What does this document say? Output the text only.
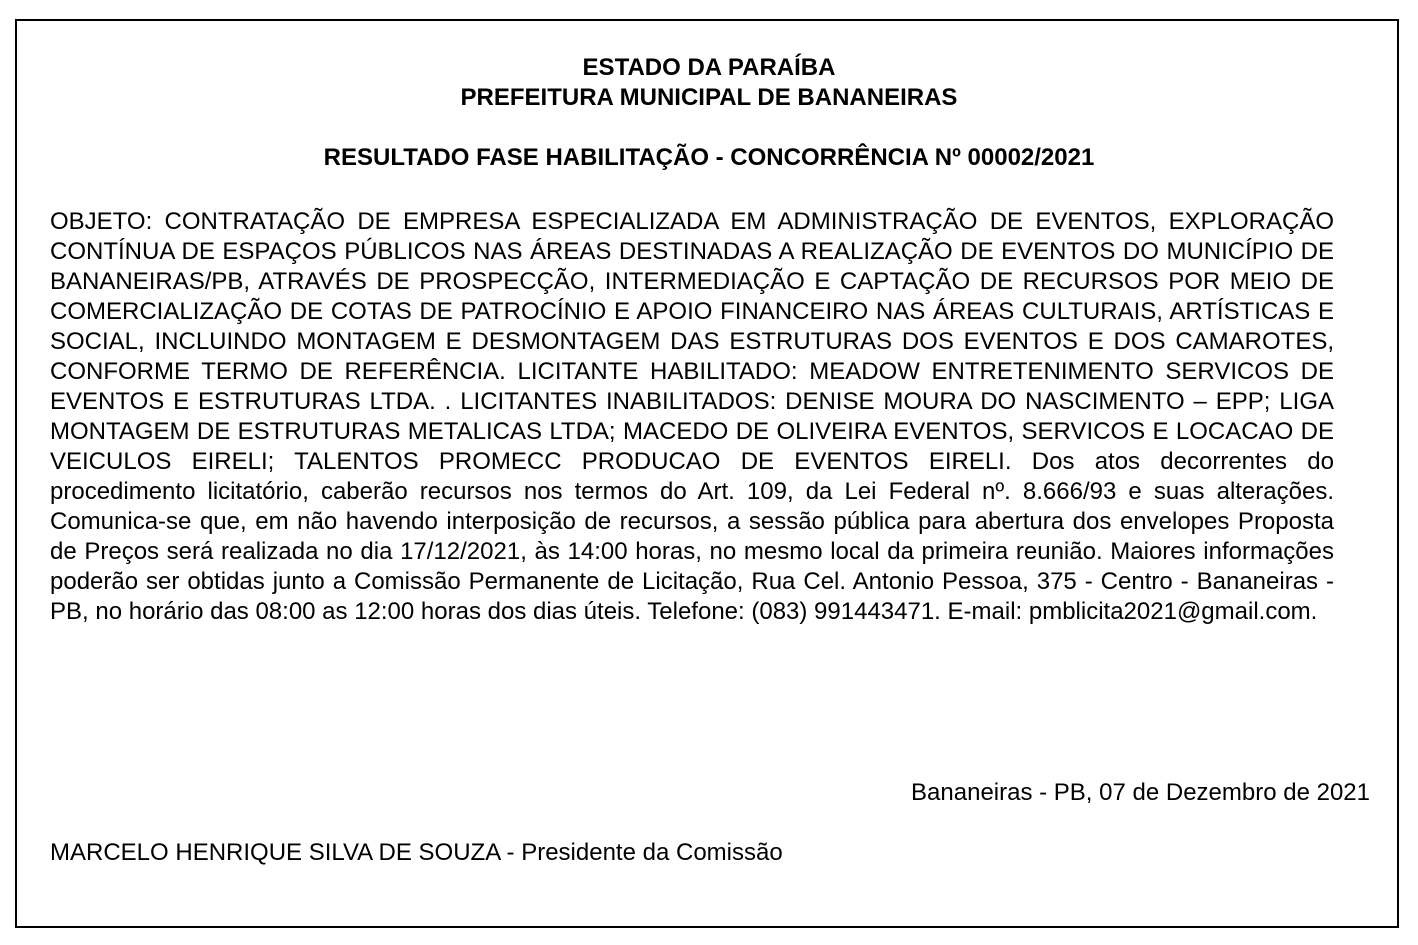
ESTADO DA PARAÍBA
PREFEITURA MUNICIPAL DE BANANEIRAS
RESULTADO FASE HABILITAÇÃO - CONCORRÊNCIA Nº 00002/2021

OBJETO: CONTRATAÇÃO DE EMPRESA ESPECIALIZADA EM ADMINISTRAÇÃO DE EVENTOS, EXPLORAÇÃO CONTÍNUA DE ESPAÇOS PÚBLICOS NAS ÁREAS DESTINADAS A REALIZAÇÃO DE EVENTOS DO MUNICÍPIO DE BANANEIRAS/PB, ATRAVÉS DE PROSPECÇÃO, INTERMEDIAÇÃO E CAPTAÇÃO DE RECURSOS POR MEIO DE COMERCIALIZAÇÃO DE COTAS DE PATROCÍNIO E APOIO FINANCEIRO NAS ÁREAS CULTURAIS, ARTÍSTICAS E SOCIAL, INCLUINDO MONTAGEM E DESMONTAGEM DAS ESTRUTURAS DOS EVENTOS E DOS CAMAROTES, CONFORME TERMO DE REFERÊNCIA. LICITANTE HABILITADO: MEADOW ENTRETENIMENTO SERVICOS DE EVENTOS E ESTRUTURAS LTDA. . LICITANTES INABILITADOS: DENISE MOURA DO NASCIMENTO – EPP; LIGA MONTAGEM DE ESTRUTURAS METALICAS LTDA; MACEDO DE OLIVEIRA EVENTOS, SERVICOS E LOCACAO DE VEICULOS EIRELI; TALENTOS PROMECC PRODUCAO DE EVENTOS EIRELI. Dos atos decorrentes do procedimento licitatório, caberão recursos nos termos do Art. 109, da Lei Federal nº. 8.666/93 e suas alterações. Comunica-se que, em não havendo interposição de recursos, a sessão pública para abertura dos envelopes Proposta de Preços será realizada no dia 17/12/2021, às 14:00 horas, no mesmo local da primeira reunião. Maiores informações poderão ser obtidas junto a Comissão Permanente de Licitação, Rua Cel. Antonio Pessoa, 375 - Centro - Bananeiras - PB, no horário das 08:00 as 12:00 horas dos dias úteis. Telefone: (083) 991443471. E-mail: pmblicita2021@gmail.com.

Bananeiras - PB, 07 de Dezembro de 2021
MARCELO HENRIQUE SILVA DE SOUZA - Presidente da Comissão
